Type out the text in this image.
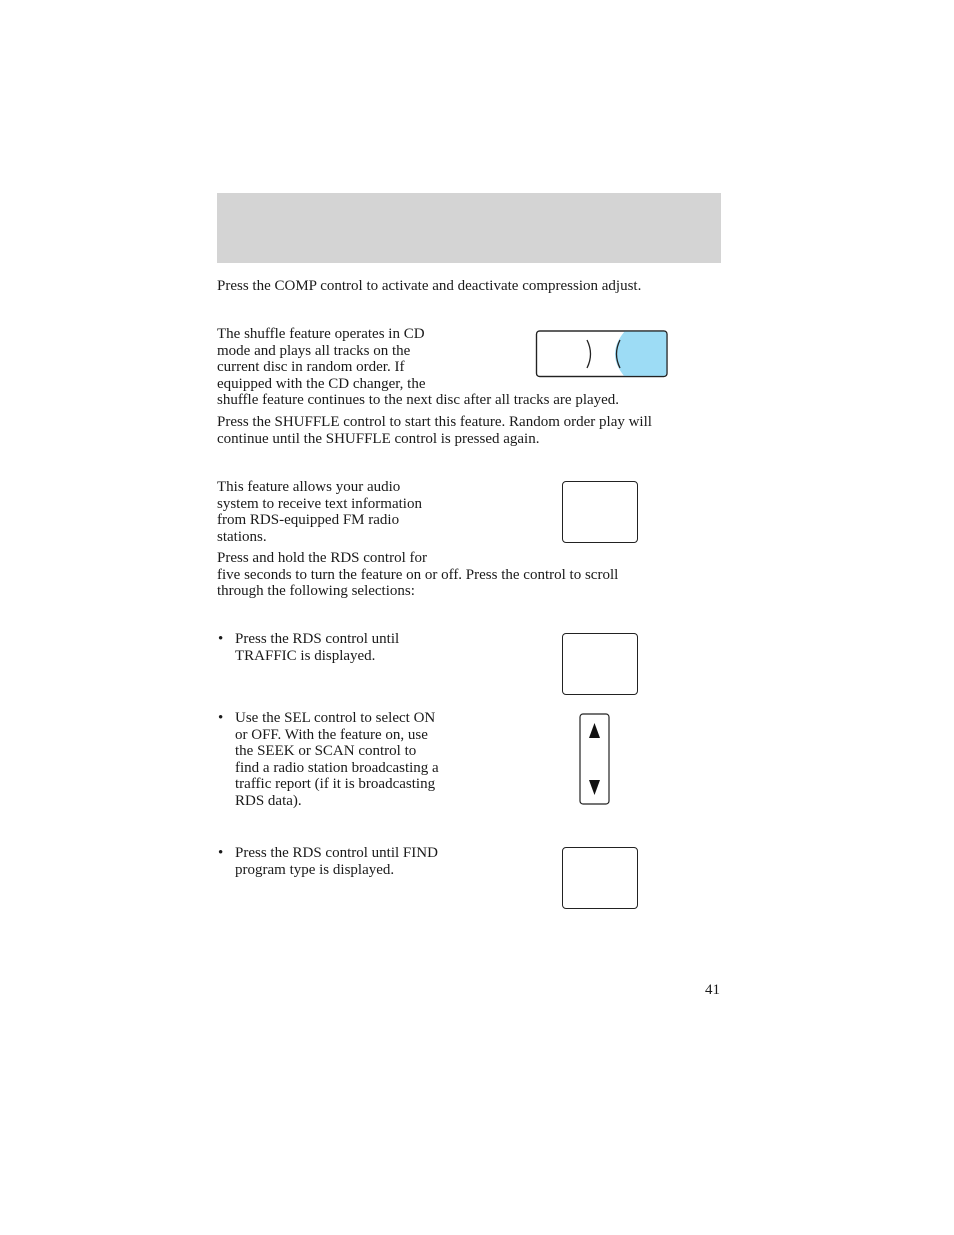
Press the COMP control to activate and deactivate compression adjust.

The shuffle feature operates in CD

mode and plays all tracks on the

current disc in random order. If

equipped with the CD changer, the

shuffle feature continues to the next disc after all tracks are played.

Press the SHUFFLE control to start this feature. Random order play will

continue until the SHUFFLE control is pressed again.

This feature allows your audio

system to receive text information

from RDS-equipped FM radio

stations.

Press and hold the RDS control for

five seconds to turn the feature on or off. Press the control to scroll

through the following selections:

• Press the RDS control until

TRAFFIC is displayed.

• Use the SEL control to select ON

or OFF. With the feature on, use

the SEEK or SCAN control to

find a radio station broadcasting a

traffic report (if it is broadcasting

RDS data).

• Press the RDS control until FIND

program type is displayed.

41
